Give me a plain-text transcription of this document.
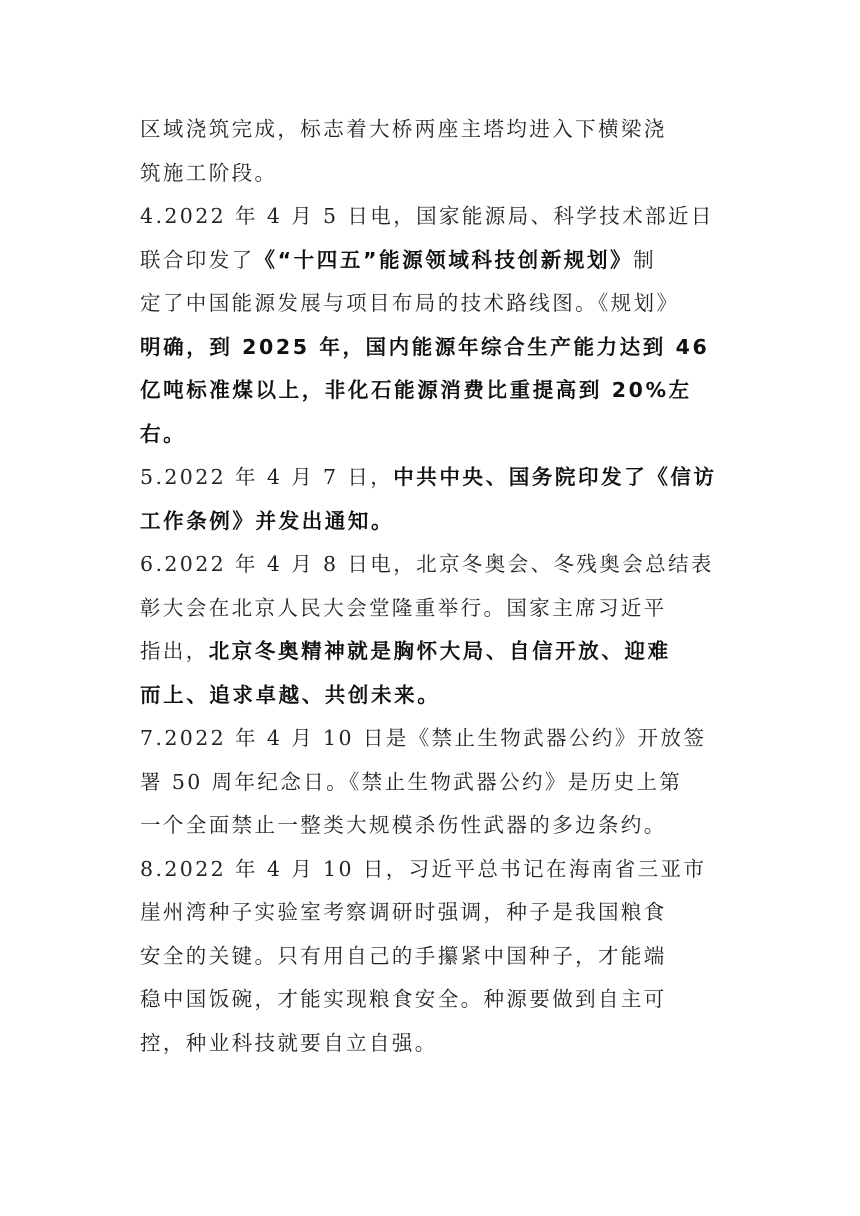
区域浇筑完成，标志着大桥两座主塔均进入下横梁浇
筑施工阶段。
4.2022 年 4 月 5 日电，国家能源局、科学技术部近日
联合印发了《“十四五”能源领域科技创新规划》制
定了中国能源发展与项目布局的技术路线图。《规划》
明确，到 2025 年，国内能源年综合生产能力达到 46
亿吨标准煤以上，非化石能源消费比重提高到 20%左
右。
5.2022 年 4 月 7 日，中共中央、国务院印发了《信访
工作条例》并发出通知。
6.2022 年 4 月 8 日电，北京冬奥会、冬残奥会总结表
彰大会在北京人民大会堂隆重举行。国家主席习近平
指出，北京冬奥精神就是胸怀大局、自信开放、迎难
而上、追求卓越、共创未来。
7.2022 年 4 月 10 日是《禁止生物武器公约》开放签
署 50 周年纪念日。《禁止生物武器公约》是历史上第
一个全面禁止一整类大规模杀伤性武器的多边条约。
8.2022 年 4 月 10 日，习近平总书记在海南省三亚市
崖州湾种子实验室考察调研时强调，种子是我国粮食
安全的关键。只有用自己的手攥紧中国种子，才能端
稳中国饭碗，才能实现粮食安全。种源要做到自主可
控，种业科技就要自立自强。
